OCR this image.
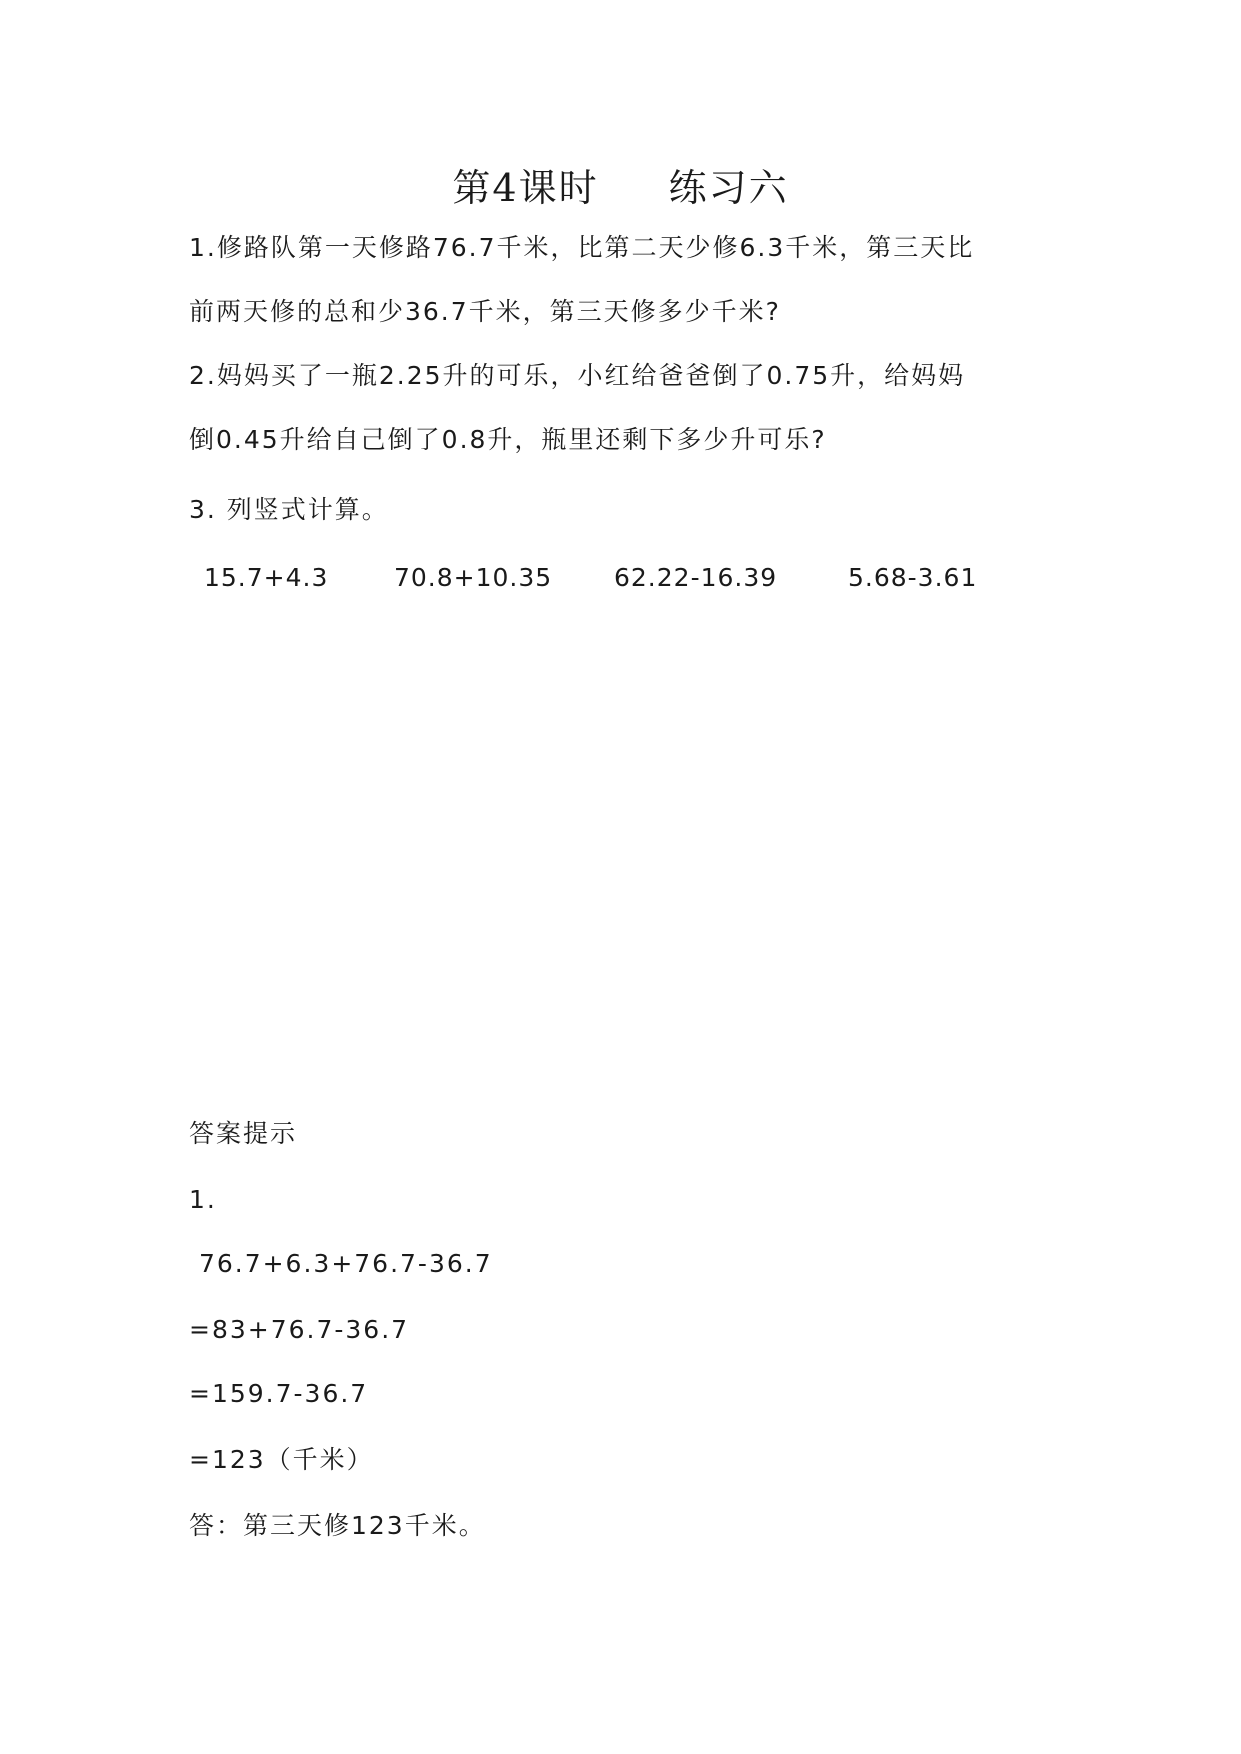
第4课时 练习六
1.修路队第一天修路76.7千米，比第二天少修6.3千米，第三天比
前两天修的总和少36.7千米，第三天修多少千米?
2.妈妈买了一瓶2.25升的可乐，小红给爸爸倒了0.75升，给妈妈
倒0.45升给自己倒了0.8升，瓶里还剩下多少升可乐?
3. 列竖式计算。
15.7+4.3	70.8+10.35 62.22-16.39	5.68-3.61
答案提示
1.
76.7+6.3+76.7-36.7
=83+76.7-36.7
=159.7-36.7
=123（千米）
答：第三天修123千米。
